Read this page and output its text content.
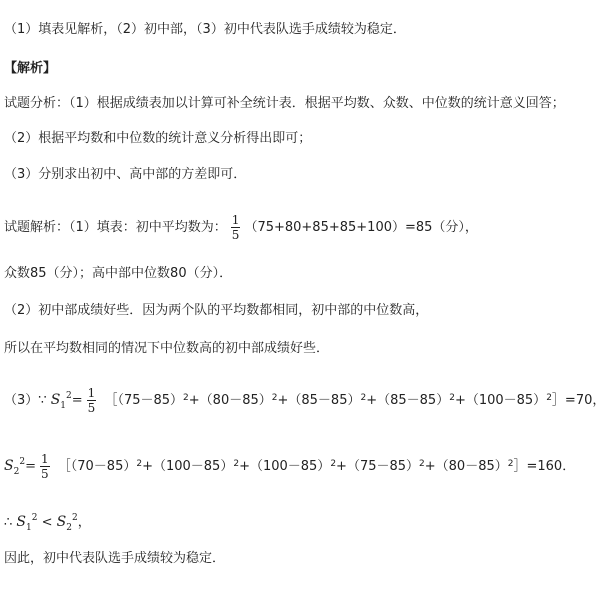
（1）填表见解析，（2）初中部，（3）初中代表队选手成绩较为稳定．
【解析】
试题分析：（1）根据成绩表加以计算可补全统计表．根据平均数、众数、中位数的统计意义回答；
（2）根据平均数和中位数的统计意义分析得出即可；
（3）分别求出初中、高中部的方差即可．
试题解析：（1）填表：初中平均数为： $\frac{1}{5} (75+80+85+85+100)=85$（分），
众数85（分）；高中部中位数80（分）．
（2）初中部成绩好些．因为两个队的平均数都相同，初中部的中位数高，
所以在平均数相同的情况下中位数高的初中部成绩好些．
（3）∵ $S_1^2= \frac{1}{5}$ $[(75-85)^2+(80-85)^2+(85-85)^2+(85-85)^2+(100-85)^2]=70$，
$S_2^2= \frac{1}{5}$ $[(70-85)^2+(100-85)^2+(100-85)^2+(75-85)^2+(80-85)^2]=160$．
∴ $S_1^2 < S_2^2$，
因此，初中代表队选手成绩较为稳定．
